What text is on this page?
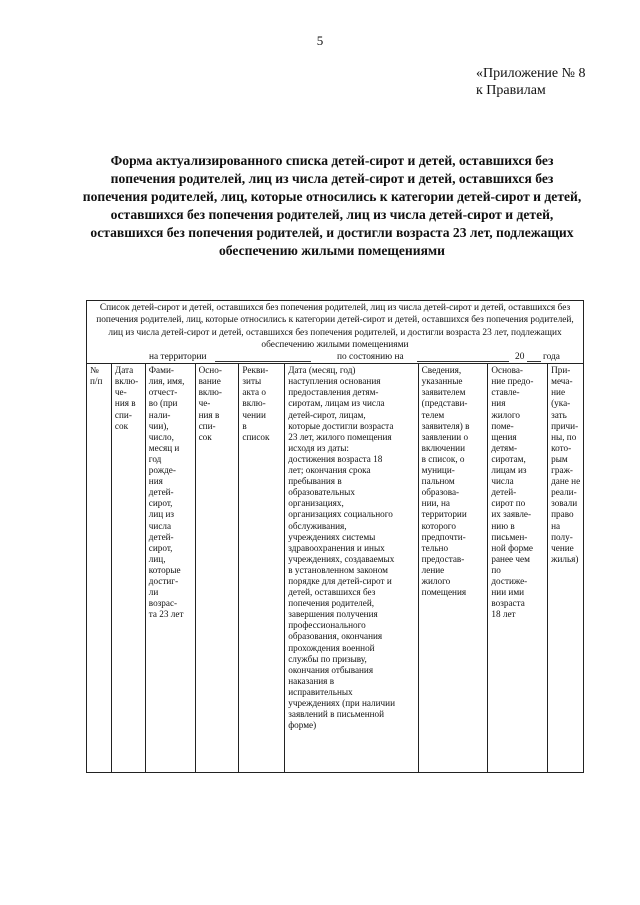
5
«Приложение № 8
к Правилам
Форма актуализированного списка детей-сирот и детей, оставшихся без попечения родителей, лиц из числа детей-сирот и детей, оставшихся без попечения родителей, лиц, которые относились к категории детей-сирот и детей, оставшихся без попечения родителей, лиц из числа детей-сирот и детей, оставшихся без попечения родителей, и достигли возраста 23 лет, подлежащих обеспечению жилыми помещениями
Список детей-сирот и детей, оставшихся без попечения родителей, лиц из числа детей-сирот и детей, оставшихся без попечения родителей, лиц, которые относились к категории детей-сирот и детей, оставшихся без попечения родителей, лиц из числа детей-сирот и детей, оставшихся без попечения родителей, и достигли возраста 23 лет, подлежащих обеспечению жилыми помещениями
на территории	по состоянию на	20 года
№
п/п
Дата
вклю-
че-
ния в
спи-
сок
Фами-
лия, имя,
отчест-
во (при
нали-
чии),
число,
месяц и
год
рожде-
ния
детей-
сирот,
лиц из
числа
детей-
сирот,
лиц,
которые
достиг-
ли
возрас-
та 23 лет
Осно-
вание
вклю-
че-
ния в
спи-
сок
Рекви-
зиты
акта о
вклю-
чении
в
список
Дата (месяц, год)
наступления основания
предоставления детям-
сиротам, лицам из числа
детей-сирот, лицам,
которые достигли возраста
23 лет, жилого помещения
исходя из даты:
достижения возраста 18
лет; окончания срока
пребывания в
образовательных
организациях,
организациях социального
обслуживания,
учреждениях системы
здравоохранения и иных
учреждениях, создаваемых
в установленном законом
порядке для детей-сирот и
детей, оставшихся без
попечения родителей,
завершения получения
профессионального
образования, окончания
прохождения военной
службы по призыву,
окончания отбывания
наказания в
исправительных
учреждениях (при наличии
заявлений в письменной
форме)
Сведения,
указанные
заявителем
(представи-
телем
заявителя) в
заявлении о
включении
в список, о
муници-
пальном
образова-
нии, на
территории
которого
предпочти-
тельно
предостав-
ление
жилого
помещения
Основа-
ние предо-
ставле-
ния
жилого
поме-
щения
детям-
сиротам,
лицам из
числа
детей-
сирот по
их заявле-
нию в
письмен-
ной форме
ранее чем
по
достиже-
нии ими
возраста
18 лет
При-
меча-
ние
(ука-
зать
причи-
ны, по
кото-
рым
граж-
дане не
реали-
зовали
право
на
полу-
чение
жилья)
